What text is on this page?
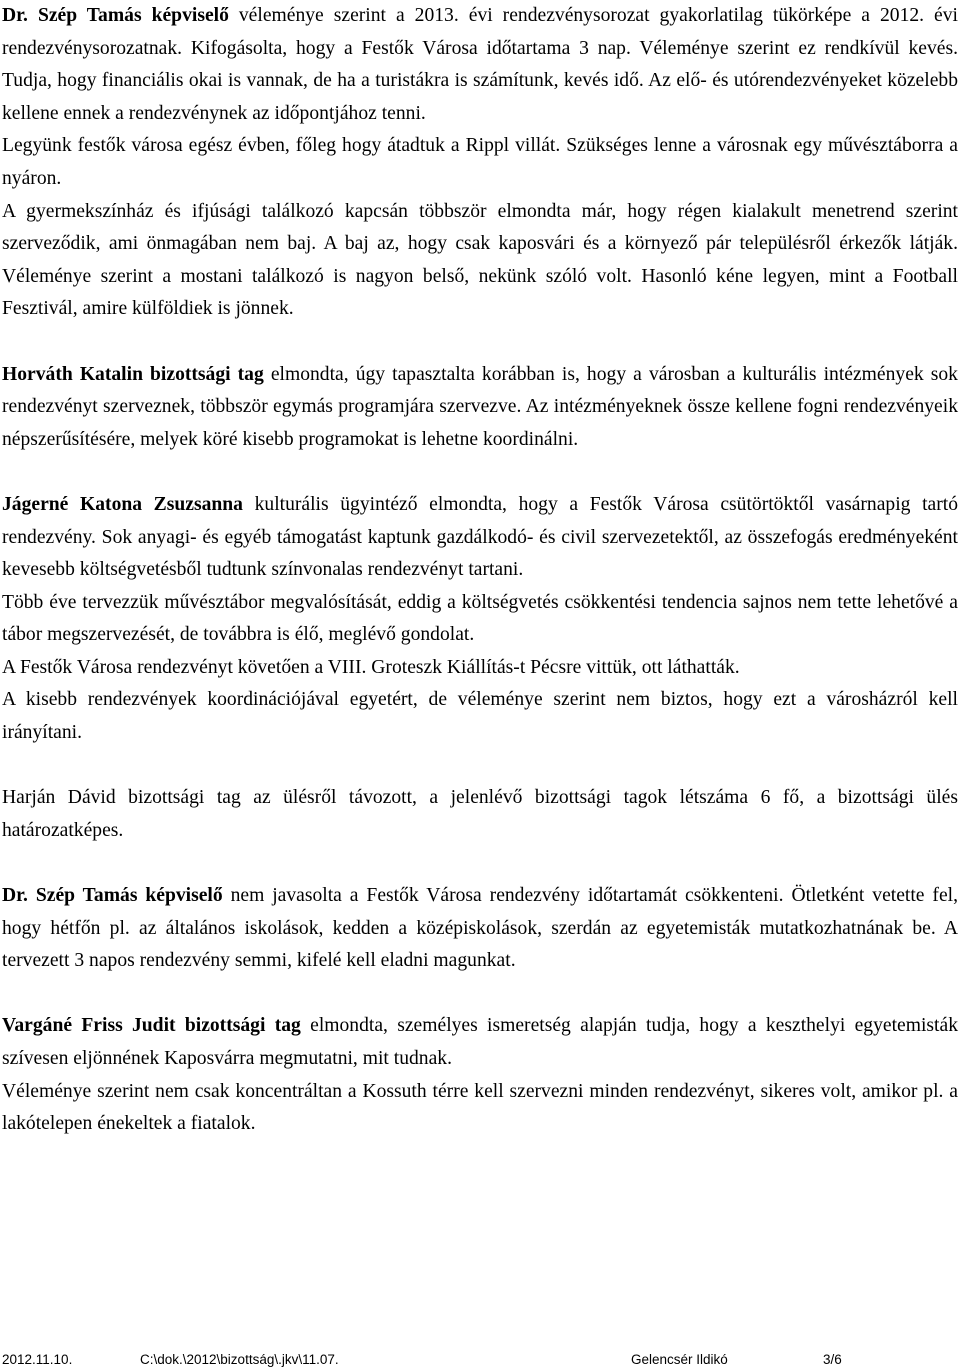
Dr. Szép Tamás képviselő véleménye szerint a 2013. évi rendezvénysorozat gyakorlatilag tükörképe a 2012. évi rendezvénysorozatnak. Kifogásolta, hogy a Festők Városa időtartama 3 nap. Véleménye szerint ez rendkívül kevés. Tudja, hogy financiális okai is vannak, de ha a turistákra is számítunk, kevés idő. Az elő- és utórendezvényeket közelebb kellene ennek a rendezvénynek az időpontjához tenni.

Legyünk festők városa egész évben, főleg hogy átadtuk a Rippl villát. Szükséges lenne a városnak egy művésztáborra a nyáron.

A gyermekszínház és ifjúsági találkozó kapcsán többször elmondta már, hogy régen kialakult menetrend szerint szerveződik, ami önmagában nem baj. A baj az, hogy csak kaposvári és a környező pár településről érkezők látják. Véleménye szerint a mostani találkozó is nagyon belső, nekünk szóló volt. Hasonló kéne legyen, mint a Football Fesztivál, amire külföldiek is jönnek.

Horváth Katalin bizottsági tag elmondta, úgy tapasztalta korábban is, hogy a városban a kulturális intézmények sok rendezvényt szerveznek, többször egymás programjára szervezve. Az intézményeknek össze kellene fogni rendezvényeik népszerűsítésére, melyek köré kisebb programokat is lehetne koordinálni.

Jágerné Katona Zsuzsanna kulturális ügyintéző elmondta, hogy a Festők Városa csütörtöktől vasárnapig tartó rendezvény. Sok anyagi- és egyéb támogatást kaptunk gazdálkodó- és civil szervezetektől, az összefogás eredményeként kevesebb költségvetésből tudtunk színvonalas rendezvényt tartani.

Több éve tervezzük művésztábor megvalósítását, eddig a költségvetés csökkentési tendencia sajnos nem tette lehetővé a tábor megszervezését, de továbbra is élő, meglévő gondolat.

A Festők Városa rendezvényt követően a VIII. Groteszk Kiállítás-t Pécsre vittük, ott láthatták.

A kisebb rendezvények koordinációjával egyetért, de véleménye szerint nem biztos, hogy ezt a városházról kell irányítani.

Harján Dávid bizottsági tag az ülésről távozott, a jelenlévő bizottsági tagok létszáma 6 fő, a bizottsági ülés határozatképes.

Dr. Szép Tamás képviselő nem javasolta a Festők Városa rendezvény időtartamát csökkenteni. Ötletként vetette fel, hogy hétfőn pl. az általános iskolások, kedden a középiskolások, szerdán az egyetemisták mutatkozhatnának be. A tervezett 3 napos rendezvény semmi, kifelé kell eladni magunkat.

Vargáné Friss Judit bizottsági tag elmondta, személyes ismeretség alapján tudja, hogy a keszthelyi egyetemisták szívesen eljönnének Kaposvárra megmutatni, mit tudnak.

Véleménye szerint nem csak koncentráltan a Kossuth térre kell szervezni minden rendezvényt, sikeres volt, amikor pl. a lakótelepen énekeltek a fiatalok.

2012.11.10.	C:\dok.\2012\bizottság\.jkv\11.07.	Gelencsér Ildikó	3/6
